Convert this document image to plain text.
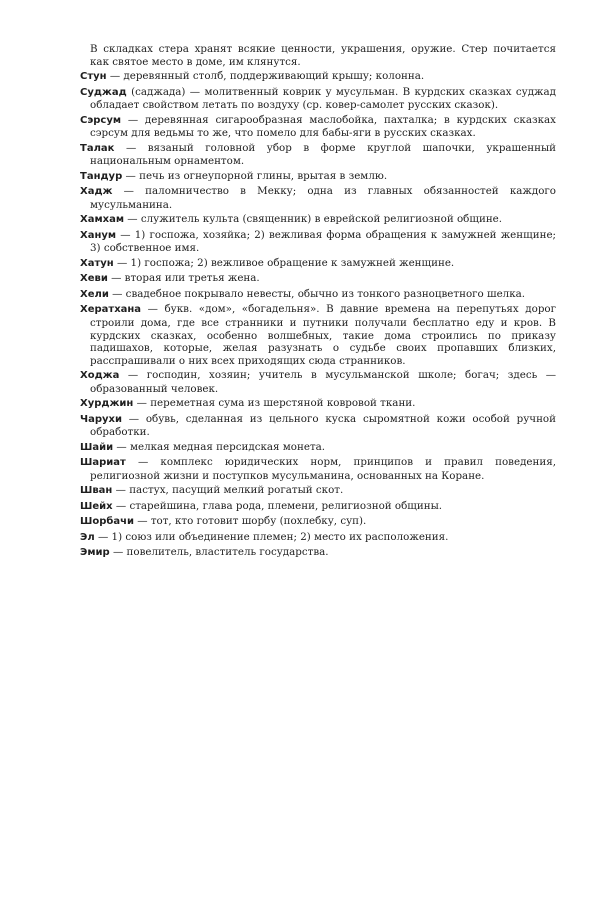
В складках стера хранят всякие ценности, украшения, оружие. Стер почитается как святое место в доме, им клянутся.

Стун — деревянный столб, поддерживающий крышу; колонна.

Суджад (саджада) — молитвенный коврик у мусульман. В курдских сказках суджад обладает свойством летать по воздуху (ср. ковер-самолет русских сказок).

Сэрсум — деревянная сигарообразная маслобойка, пахталка; в курдских сказках сэрсум для ведьмы то же, что помело для бабы-яги в русских сказках.

Талак — вязаный головной убор в форме круглой шапочки, украшенный национальным орнаментом.

Тандур — печь из огнеупорной глины, врытая в землю.

Хадж — паломничество в Мекку; одна из главных обязанностей каждого мусульманина.

Хамхам — служитель культа (священник) в еврейской религиозной общине.

Ханум — 1) госпожа, хозяйка; 2) вежливая форма обращения к замужней женщине; 3) собственное имя.

Хатун — 1) госпожа; 2) вежливое обращение к замужней женщине.

Хеви — вторая или третья жена.

Хели — свадебное покрывало невесты, обычно из тонкого разноцветного шелка.

Хератхана — букв. «дом», «богадельня». В давние времена на перепутьях дорог строили дома, где все странники и путники получали бесплатно еду и кров. В курдских сказках, особенно волшебных, такие дома строились по приказу падишахов, которые, желая разузнать о судьбе своих пропавших близких, расспрашивали о них всех приходящих сюда странников.

Ходжа — господин, хозяин; учитель в мусульманской школе; богач; здесь — образованный человек.

Хурджин — переметная сума из шерстяной ковровой ткани.

Чарухи — обувь, сделанная из цельного куска сыромятной кожи особой ручной обработки.

Шайи — мелкая медная персидская монета.

Шариат — комплекс юридических норм, принципов и правил поведения, религиозной жизни и поступков мусульманина, основанных на Коране.

Шван — пастух, пасущий мелкий рогатый скот.

Шейх — старейшина, глава рода, племени, религиозной общины.

Шорбачи — тот, кто готовит шорбу (похлебку, суп).

Эл — 1) союз или объединение племен; 2) место их расположения.

Эмир — повелитель, властитель государства.
